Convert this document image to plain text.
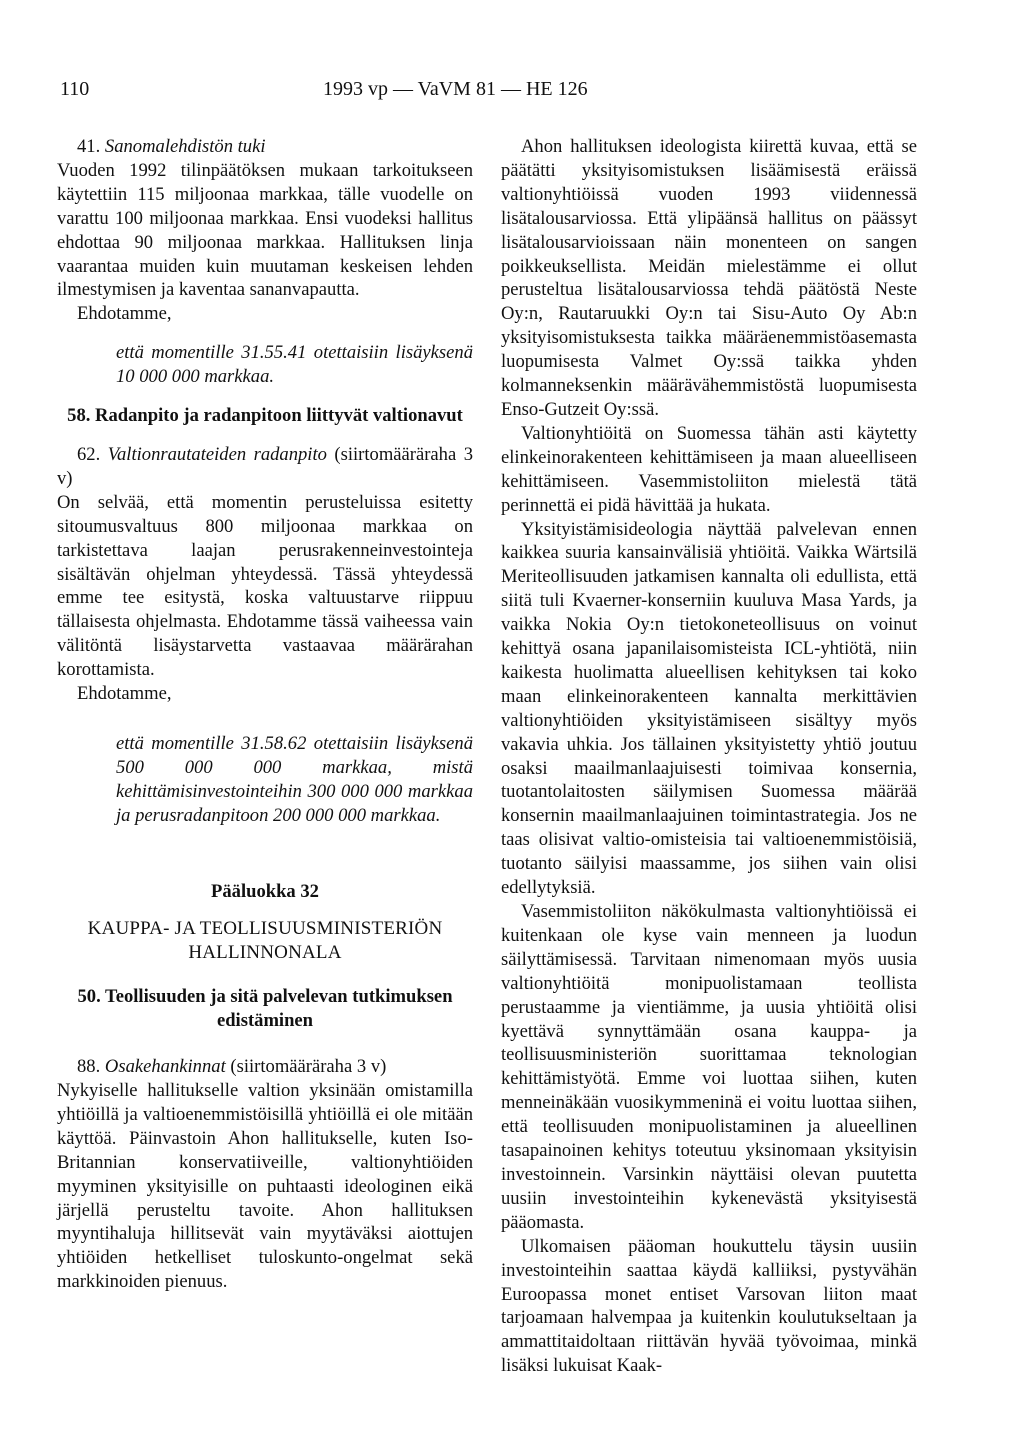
110	1993 vp — VaVM 81 — HE 126

41. Sanomalehdistön tuki

Vuoden 1992 tilinpäätöksen mukaan tarkoitukseen käytettiin 115 miljoonaa markkaa, tälle vuodelle on varattu 100 miljoonaa markkaa. Ensi vuodeksi hallitus ehdottaa 90 miljoonaa markkaa. Hallituksen linja vaarantaa muiden kuin muutaman keskeisen lehden ilmestymisen ja kaventaa sananvapautta.

Ehdotamme,

että momentille 31.55.41 otettaisiin lisäyksenä 10 000 000 markkaa.

58. Radanpito ja radanpitoon liittyvät valtionavut

62. Valtionrautateiden radanpito (siirtomääräraha 3 v)

On selvää, että momentin perusteluissa esitetty sitoumusvaltuus 800 miljoonaa markkaa on tarkistettava laajan perusrakenneinvestointeja sisältävän ohjelman yhteydessä. Tässä yhteydessä emme tee esitystä, koska valtuustarve riippuu tällaisesta ohjelmasta. Ehdotamme tässä vaiheessa vain välitöntä lisäystarvetta vastaavaa määrärahan korottamista.

Ehdotamme,

että momentille 31.58.62 otettaisiin lisäyksenä 500 000 000 markkaa, mistä kehittämisinvestointeihin 300 000 000 markkaa ja perusradanpitoon 200 000 000 markkaa.

Pääluokka 32

KAUPPA- JA TEOLLISUUSMINISTERIÖN

HALLINNONALA

50. Teollisuuden ja sitä palvelevan tutkimuksen edistäminen

88. Osakehankinnat (siirtomääräraha 3 v)

Nykyiselle hallitukselle valtion yksinään omistamilla yhtiöillä ja valtioenemmistöisillä yhtiöillä ei ole mitään käyttöä. Päinvastoin Ahon hallitukselle, kuten Iso-Britannian konservatiiveille, valtionyhtiöiden myyminen yksityisille on puhtaasti ideologinen eikä järjellä perusteltu tavoite. Ahon hallituksen myyntihaluja hillitsevät vain myytäväksi aiottujen yhtiöiden hetkelliset tuloskunto-ongelmat sekä markkinoiden pienuus.

Ahon hallituksen ideologista kiirettä kuvaa, että se päätätti yksityisomistuksen lisäämisestä eräissä valtionyhtiöissä vuoden 1993 viidennessä lisätalousarviossa. Että ylipäänsä hallitus on päässyt lisätalousarvioissaan näin monenteen on sangen poikkeuksellista. Meidän mielestämme ei ollut perusteltua lisätalousarviossa tehdä päätöstä Neste Oy:n, Rautaruukki Oy:n tai Sisu-Auto Oy Ab:n yksityisomistuksesta taikka määräenemmistöasemasta luopumisesta Valmet Oy:ssä taikka yhden kolmanneksenkin määrävähemmistöstä luopumisesta Enso-Gutzeit Oy:ssä.

Valtionyhtiöitä on Suomessa tähän asti käytetty elinkeinorakenteen kehittämiseen ja maan alueelliseen kehittämiseen. Vasemmistoliiton mielestä tätä perinnettä ei pidä hävittää ja hukata.

Yksityistämisideologia näyttää palvelevan ennen kaikkea suuria kansainvälisiä yhtiöitä. Vaikka Wärtsilä Meriteollisuuden jatkamisen kannalta oli edullista, että siitä tuli Kvaerner-konserniin kuuluva Masa Yards, ja vaikka Nokia Oy:n tietokoneteollisuus on voinut kehittyä osana japanilaisomisteista ICL-yhtiötä, niin kaikesta huolimatta alueellisen kehityksen tai koko maan elinkeinorakenteen kannalta merkittävien valtionyhtiöiden yksityistämiseen sisältyy myös vakavia uhkia. Jos tällainen yksityistetty yhtiö joutuu osaksi maailmanlaajuisesti toimivaa konsernia, tuotantolaitosten säilymisen Suomessa määrää konsernin maailmanlaajuinen toimintastrategia. Jos ne taas olisivat valtio-omisteisia tai valtioenemmistöisiä, tuotanto säilyisi maassamme, jos siihen vain olisi edellytyksiä.

Vasemmistoliiton näkökulmasta valtionyhtiöissä ei kuitenkaan ole kyse vain menneen ja luodun säilyttämisessä. Tarvitaan nimenomaan myös uusia valtionyhtiöitä monipuolistamaan teollista perustaamme ja vientiämme, ja uusia yhtiöitä olisi kyettävä synnyttämään osana kauppa- ja teollisuusministeriön suorittamaa teknologian kehittämistyötä. Emme voi luottaa siihen, kuten menneinäkään vuosikymmeninä ei voitu luottaa siihen, että teollisuuden monipuolistaminen ja alueellinen tasapainoinen kehitys toteutuu yksinomaan yksityisin investoinnein. Varsinkin näyttäisi olevan puutetta uusiin investointeihin kykenevästä yksityisestä pääomasta.

Ulkomaisen pääoman houkuttelu täysin uusiin investointeihin saattaa käydä kalliiksi, pystyvähän Euroopassa monet entiset Varsovan liiton maat tarjoamaan halvempaa ja kuitenkin koulutukseltaan ja ammattitaidoltaan riittävän hyvää työvoimaa, minkä lisäksi lukuisat Kaak-
